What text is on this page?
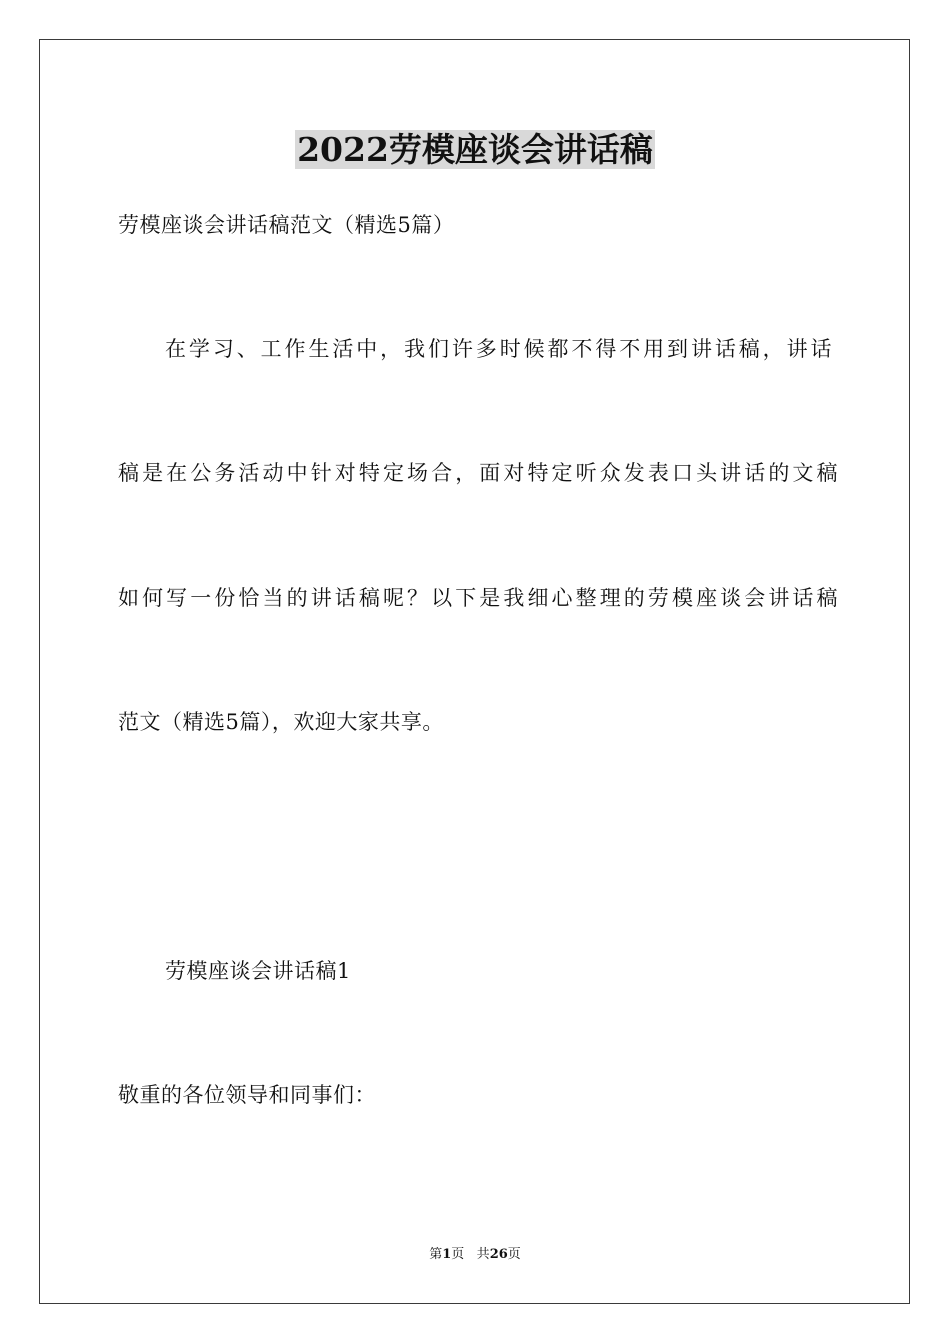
2022劳模座谈会讲话稿
劳模座谈会讲话稿范文（精选5篇）
在学习、工作生活中，我们许多时候都不得不用到讲话稿，讲话
稿是在公务活动中针对特定场合，面对特定听众发表口头讲话的文稿
如何写一份恰当的讲话稿呢？以下是我细心整理的劳模座谈会讲话稿
范文（精选5篇），欢迎大家共享。
劳模座谈会讲话稿1
敬重的各位领导和同事们：
第1页 共26页
